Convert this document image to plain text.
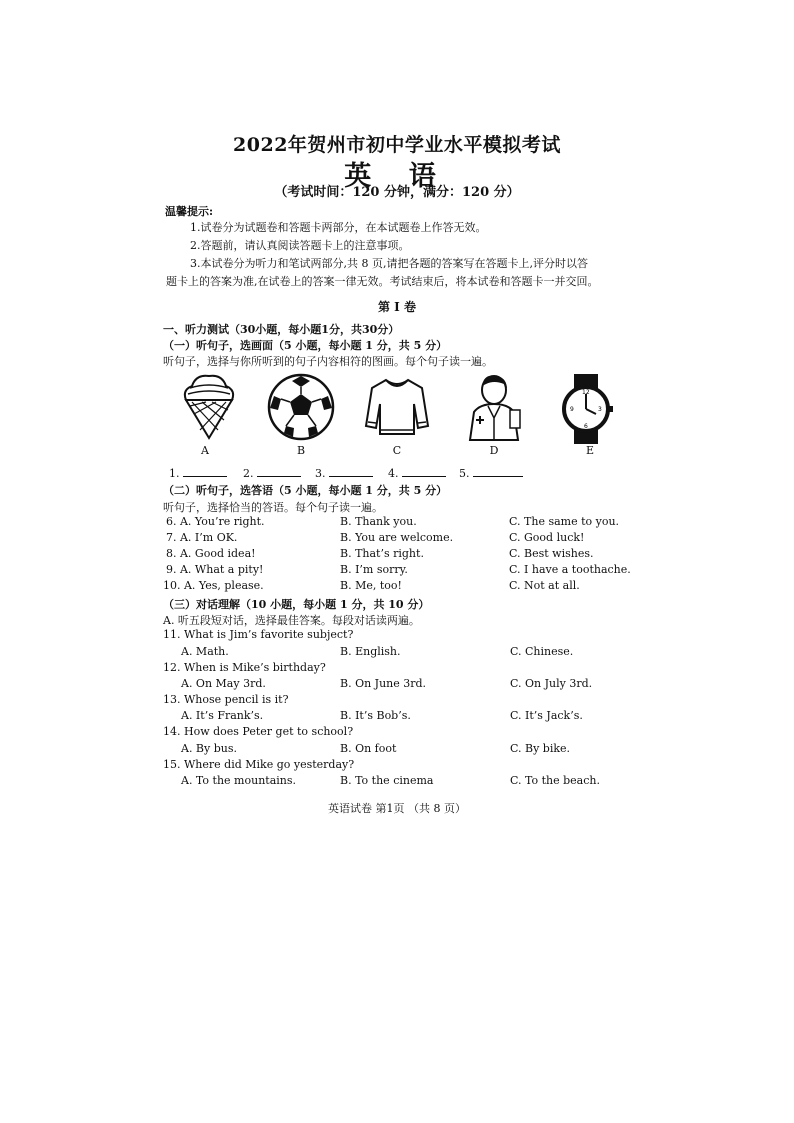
2022年贺州市初中学业水平模拟考试
英 语
（考试时间：120 分钟，满分：120 分）
温馨提示:
1.试卷分为试题卷和答题卡两部分，在本试题卷上作答无效。
2.答题前，请认真阅读答题卡上的注意事项。
3.本试卷分为听力和笔试两部分,共 8 页,请把各题的答案写在答题卡上,评分时以答
题卡上的答案为准,在试卷上的答案一律无效。考试结束后，将本试卷和答题卡一并交回。
第 I 卷
一、听力测试（30小题，每小题1分，共30分）
（一）听句子，选画面（5 小题，每小题 1 分，共 5 分）
听句子，选择与你所听到的句子内容相符的图画。每个句子读一遍。
12
3
6
9
A	B	C	D	E
1.	2.	3.	4.	5.
（二）听句子，选答语（5 小题，每小题 1 分，共 5 分）
听句子，选择恰当的答语。每个句子读一遍。
6. A. You’re right.	B. Thank you.	C. The same to you.
7. A. I’m OK.	B. You are welcome.	C. Good luck!
8. A. Good idea!	B. That’s right.	C. Best wishes.
9. A. What a pity!	B. I’m sorry.	C. I have a toothache.
10. A. Yes, please.	B. Me, too!	C. Not at all.
（三）对话理解（10 小题，每小题 1 分，共 10 分）
A. 听五段短对话，选择最佳答案。每段对话读两遍。
11. What is Jim’s favorite subject?
A. Math.	B. English.	C. Chinese.
12. When is Mike’s birthday?
A. On May 3rd.	B. On June 3rd.	C. On July 3rd.
13. Whose pencil is it?
A. It’s Frank’s.	B. It’s Bob’s.	C. It’s Jack’s.
14. How does Peter get to school?
A. By bus.	B. On foot	C. By bike.
15. Where did Mike go yesterday?
A. To the mountains.	B. To the cinema	C. To the beach.
英语试卷 第1页 （共 8 页）
